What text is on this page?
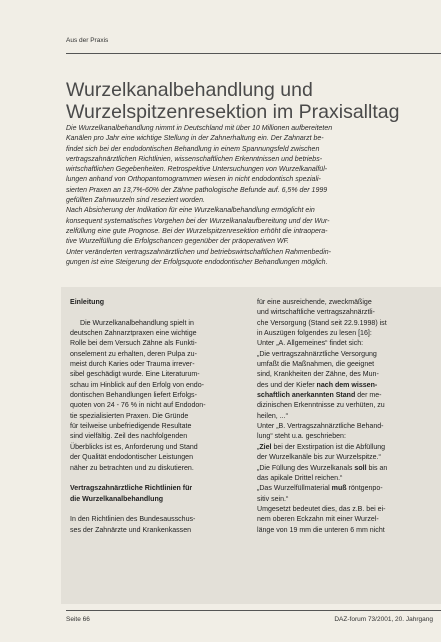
Aus der Praxis
Wurzelkanalbehandlung und
Wurzelspitzenresektion im Praxisalltag
Die Wurzelkanalbehandlung nimmt in Deutschland mit über 10 Millionen aufbereiteten
Kanälen pro Jahr eine wichtige Stellung in der Zahnerhaltung ein. Der Zahnarzt be-
findet sich bei der endodontischen Behandlung in einem Spannungsfeld zwischen
vertragszahnärztlichen Richtlinien, wissenschaftlichen Erkenntnissen und betriebs-
wirtschaftlichen Gegebenheiten. Retrospektive Untersuchungen von Wurzelkanalfül-
lungen anhand von Orthopantomogrammen wiesen in nicht endodontisch speziali-
sierten Praxen an 13,7%-60% der Zähne pathologische Befunde auf. 6,5% der 1999
gefüllten Zahnwurzeln sind reseziert worden.
Nach Absicherung der Indikation für eine Wurzelkanalbehandlung ermöglicht ein
konsequent systematisches Vorgehen bei der Wurzelkanalaufbereitung und der Wur-
zelfüllung eine gute Prognose. Bei der Wurzelspitzenresektion erhöht die intraopera-
tive Wurzelfüllung die Erfolgschancen gegenüber der präoperativen WF.
Unter veränderten vertragszahnärztlichen und betriebswirtschaftlichen Rahmenbedin-
gungen ist eine Steigerung der Erfolgsquote endodontischer Behandlungen möglich.
Einleitung
Die Wurzelkanalbehandlung spielt in
deutschen Zahnarztpraxen eine wichtige
Rolle bei dem Versuch Zähne als Funkti-
onselement zu erhalten, deren Pulpa zu-
meist durch Karies oder Trauma irrever-
sibel geschädigt wurde. Eine Literaturum-
schau im Hinblick auf den Erfolg von endo-
dontischen Behandlungen liefert Erfolgs-
quoten von 24 - 76 % in nicht auf Endodon-
tie spezialisierten Praxen. Die Gründe
für teilweise unbefriedigende Resultate
sind vielfältig. Zeil des nachfolgenden
Überblicks ist es, Anforderung und Stand
der Qualität endodontischer Leistungen
näher zu betrachten und zu diskutieren.
Vertragszahnärztliche Richtlinien für
die Wurzelkanalbehandlung
In den Richtlinien des Bundesausschus-
ses der Zahnärzte und Krankenkassen
für eine ausreichende, zweckmäßige
und wirtschaftliche vertragszahnärztli-
che Versorgung (Stand seit 22.9.1998) ist
in Auszügen folgendes zu lesen [16]:
Unter „A. Allgemeines“ findet sich:
„Die vertragszahnärztliche Versorgung
umfaßt die Maßnahmen, die geeignet
sind, Krankheiten der Zähne, des Mun-
des und der Kiefer nach dem wissen-
schaftlich anerkannten Stand der me-
dizinischen Erkenntnisse zu verhüten, zu
heilen, ...“
Unter „B. Vertragszahnärztliche Behand-
lung“ steht u.a. geschrieben:
„Ziel bei der Exstirpation ist die Abfüllung
der Wurzelkanäle bis zur Wurzelspitze.“
„Die Füllung des Wurzelkanals soll bis an
das apikale Drittel reichen.“
„Das Wurzelfüllmaterial muß röntgenpo-
sitiv sein.“
Umgesetzt bedeutet dies, das z.B. bei ei-
nem oberen Eckzahn mit einer Wurzel-
länge von 19 mm die unteren 6 mm nicht
Seite 66	DAZ-forum 73/2001, 20. Jahrgang
